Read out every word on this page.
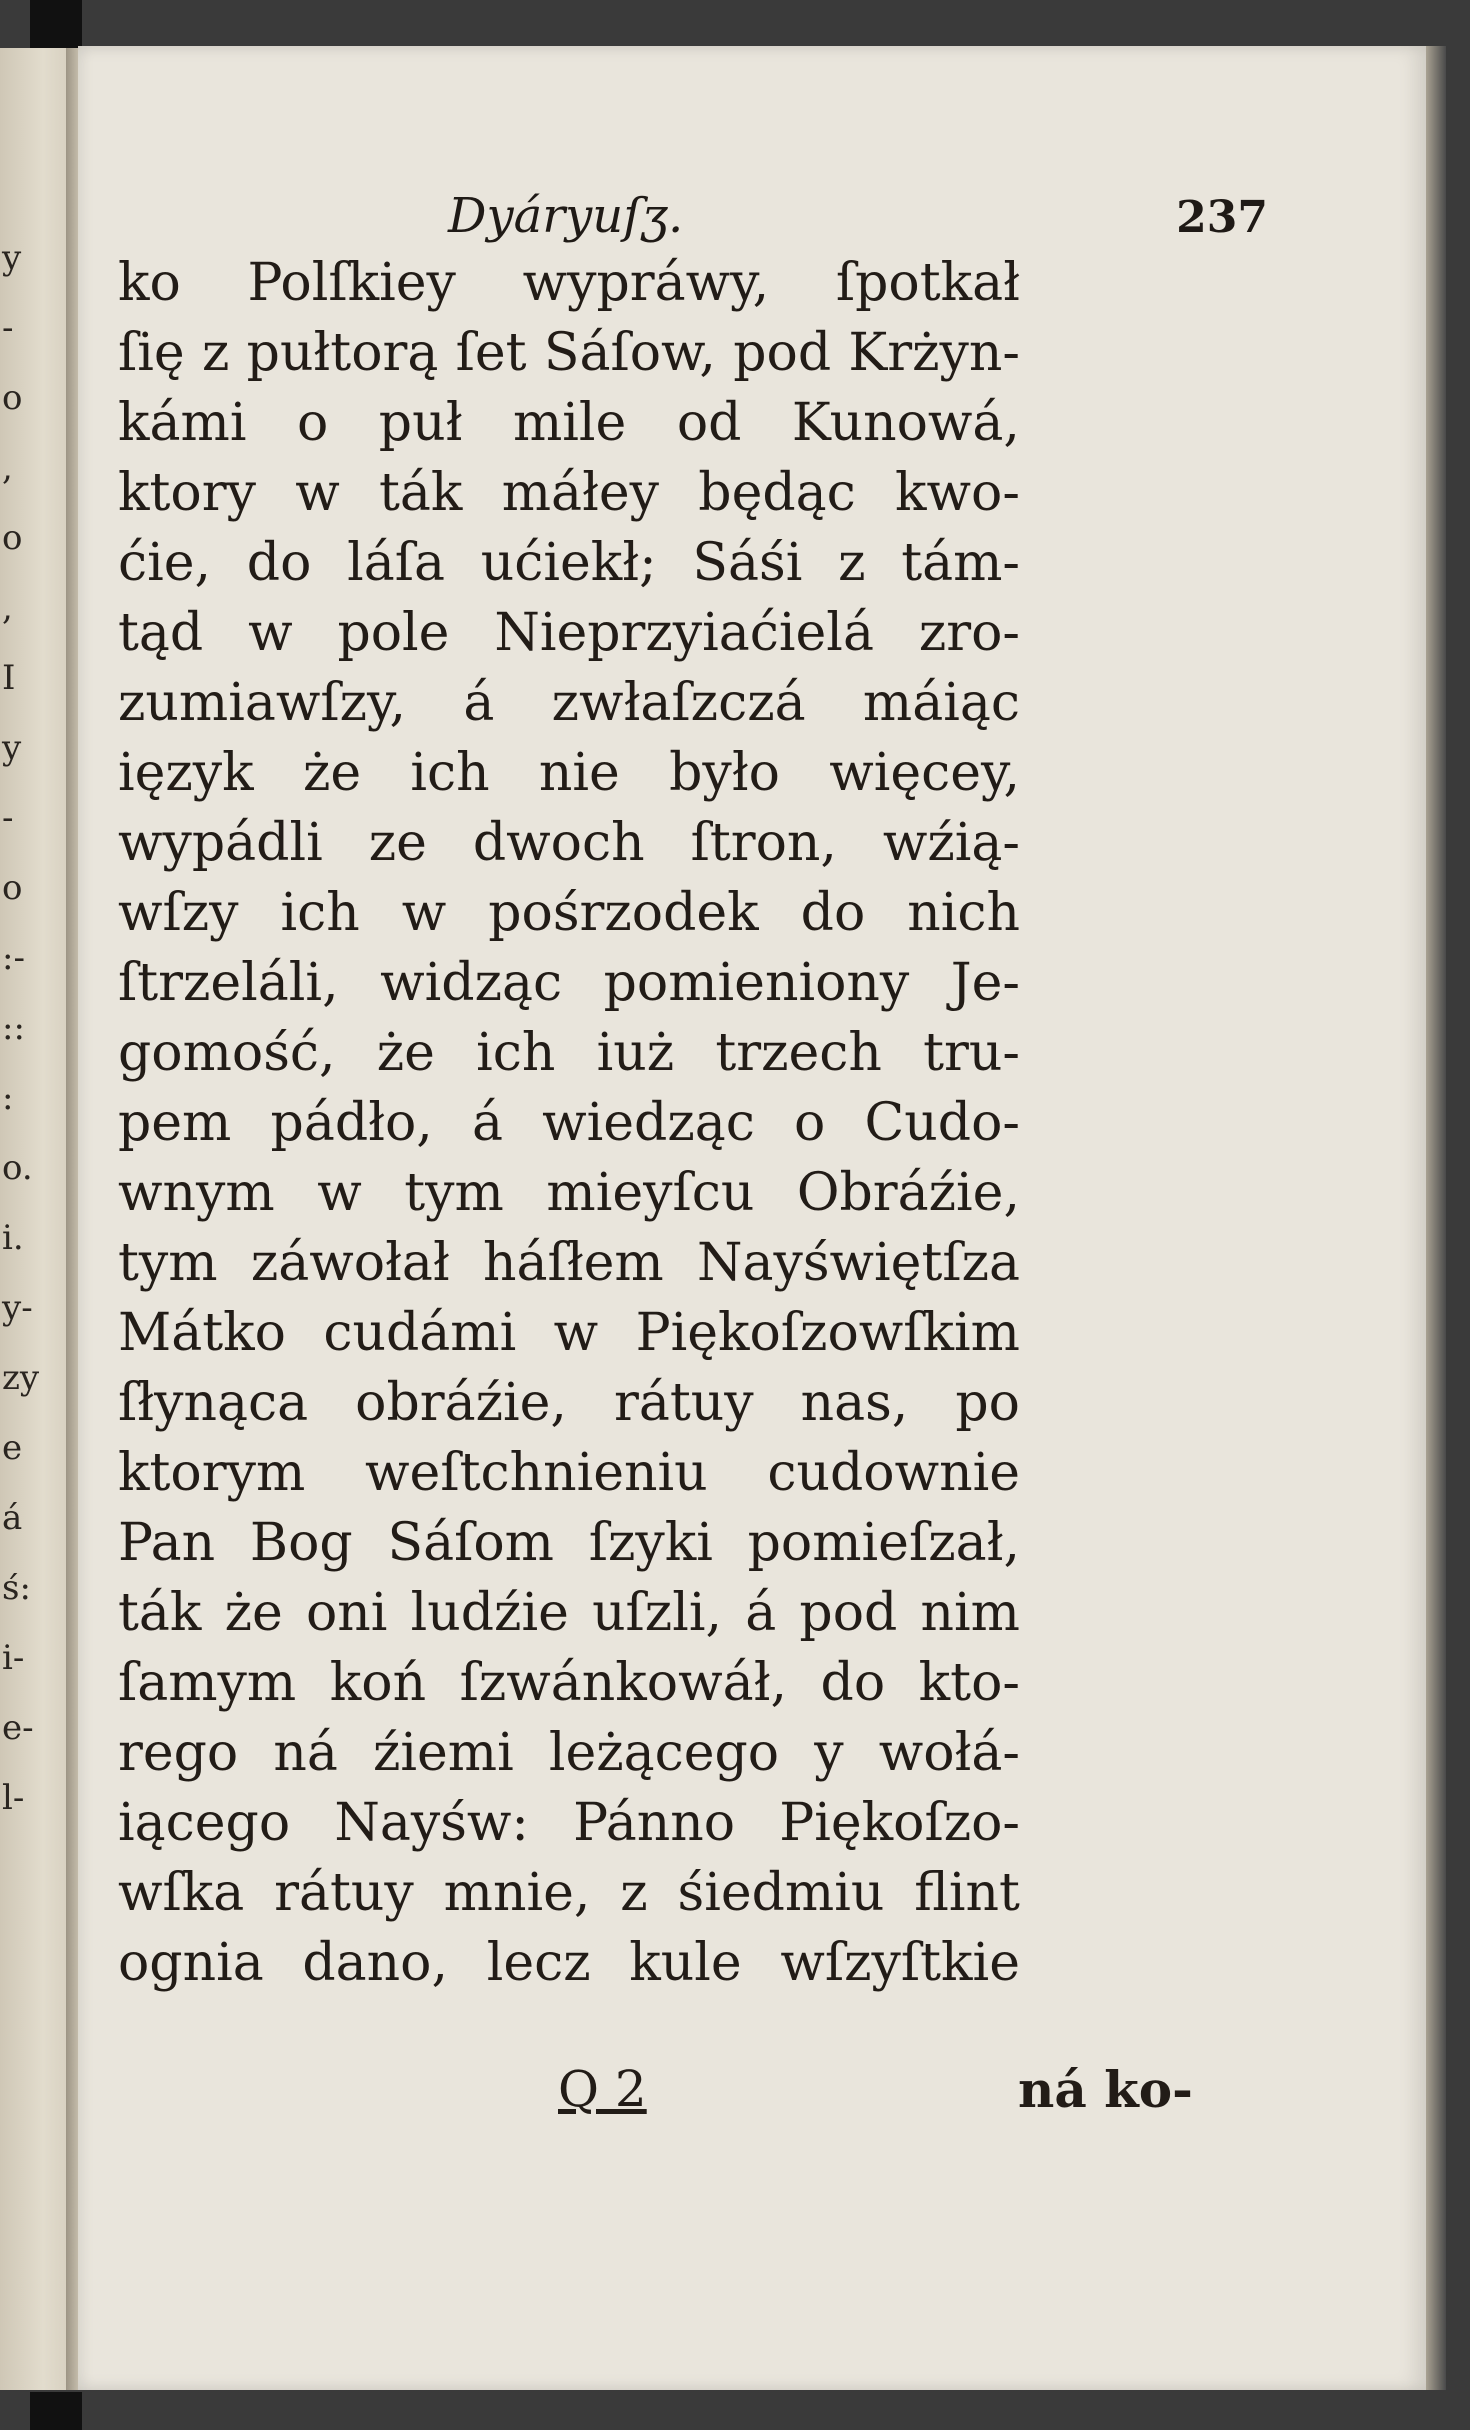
y
-
o
,
o
,
I
y
-
o
:-
::
:
o.
i.
y-
zy
e
á
ś:
i-
e-
l-
Dyáryuſʒ.	237
ko Polſkiey wypráwy, ſpotkał
ſię z pułtorą ſet Sáſow, pod Krżyn-
kámi o puł mile od Kunowá,
ktory w ták máłey będąc kwo-
ćie, do láſa ućiekł; Sáśi z tám-
tąd w pole Nieprzyiaćielá zro-
zumiawſzy, á zwłaſzczá máiąc
ięzyk że ich nie było więcey,
wypádli ze dwoch ſtron, wźią-
wſzy ich w pośrzodek do nich
ſtrzeláli, widząc pomieniony Je-
gomość, że ich iuż trzech tru-
pem pádło, á wiedząc o Cudo-
wnym w tym mieyſcu Obráźie,
tym záwołał háſłem Nayświętſza
Mátko cudámi w Piękoſzowſkim
ſłynąca obráźie, rátuy nas, po
ktorym weſtchnieniu cudownie
Pan Bog Sáſom ſzyki pomieſzał,
ták że oni ludźie uſzli, á pod nim
ſamym koń ſzwánkowáł, do kto-
rego ná źiemi leżącego y wołá-
iącego Nayśw: Pánno Piękoſzo-
wſka rátuy mnie, z śiedmiu flint
ognia dano, lecz kule wſzyſtkie
Q 2	ná ko-
